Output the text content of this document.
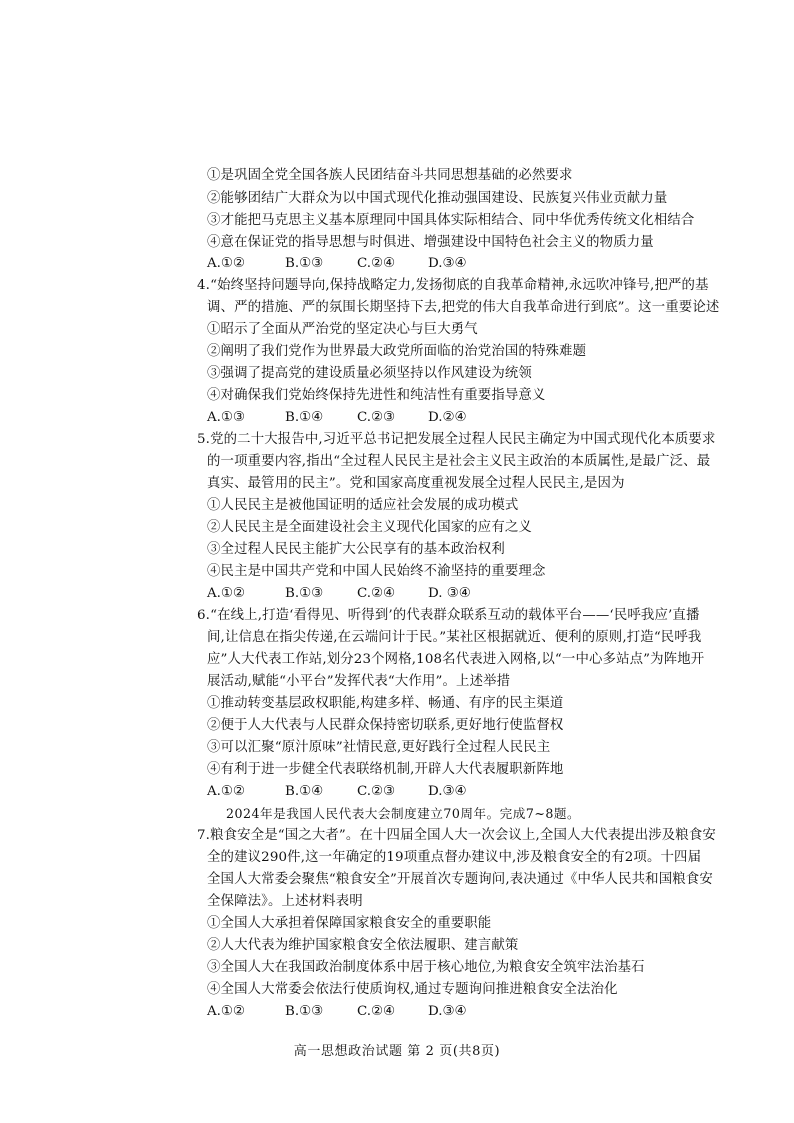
①是巩固全党全国各族人民团结奋斗共同思想基础的必然要求
②能够团结广大群众为以中国式现代化推动强国建设、民族复兴伟业贡献力量
③才能把马克思主义基本原理同中国具体实际相结合、同中华优秀传统文化相结合
④意在保证党的指导思想与时俱进、增强建设中国特色社会主义的物质力量
A.①②	B.①③	C.②④ D.③④
4.“始终坚持问题导向,保持战略定力,发扬彻底的自我革命精神,永远吹冲锋号,把严的基
调、严的措施、严的氛围长期坚持下去,把党的伟大自我革命进行到底”。这一重要论述
①昭示了全面从严治党的坚定决心与巨大勇气
②阐明了我们党作为世界最大政党所面临的治党治国的特殊难题
③强调了提高党的建设质量必须坚持以作风建设为统领
④对确保我们党始终保持先进性和纯洁性有重要指导意义
A.①③	B.①④	C.②③ D.②④
5.党的二十大报告中,习近平总书记把发展全过程人民民主确定为中国式现代化本质要求
的一项重要内容,指出“全过程人民民主是社会主义民主政治的本质属性,是最广泛、最
真实、最管用的民主”。党和国家高度重视发展全过程人民民主,是因为
①人民民主是被他国证明的适应社会发展的成功模式
②人民民主是全面建设社会主义现代化国家的应有之义
③全过程人民民主能扩大公民享有的基本政治权利
④民主是中国共产党和中国人民始终不渝坚持的重要理念
A.①②	B.①③	C.②④ D. ③④
6.“在线上,打造‘看得见、听得到’的代表群众联系互动的载体平台——‘民呼我应’直播
间,让信息在指尖传递,在云端问计于民。”某社区根据就近、便利的原则,打造“民呼我
应”人大代表工作站,划分23个网格,108名代表进入网格,以“一中心多站点”为阵地开
展活动,赋能“小平台”发挥代表“大作用”。上述举措
①推动转变基层政权职能,构建多样、畅通、有序的民主渠道
②便于人大代表与人民群众保持密切联系,更好地行使监督权
③可以汇聚“原汁原味”社情民意,更好践行全过程人民民主
④有利于进一步健全代表联络机制,开辟人大代表履职新阵地
A.①②	B.①④	C.②③ D.③④
2024年是我国人民代表大会制度建立70周年。完成7~8题。
7.粮食安全是“国之大者”。在十四届全国人大一次会议上,全国人大代表提出涉及粮食安
全的建议290件,这一年确定的19项重点督办建议中,涉及粮食安全的有2项。十四届
全国人大常委会聚焦“粮食安全”开展首次专题询问,表决通过《中华人民共和国粮食安
全保障法》。上述材料表明
①全国人大承担着保障国家粮食安全的重要职能
②人大代表为维护国家粮食安全依法履职、建言献策
③全国人大在我国政治制度体系中居于核心地位,为粮食安全筑牢法治基石
④全国人大常委会依法行使质询权,通过专题询问推进粮食安全法治化
A.①②	B.①③	C.②④ D.③④
高一思想政治试题 第 2 页(共8页)
